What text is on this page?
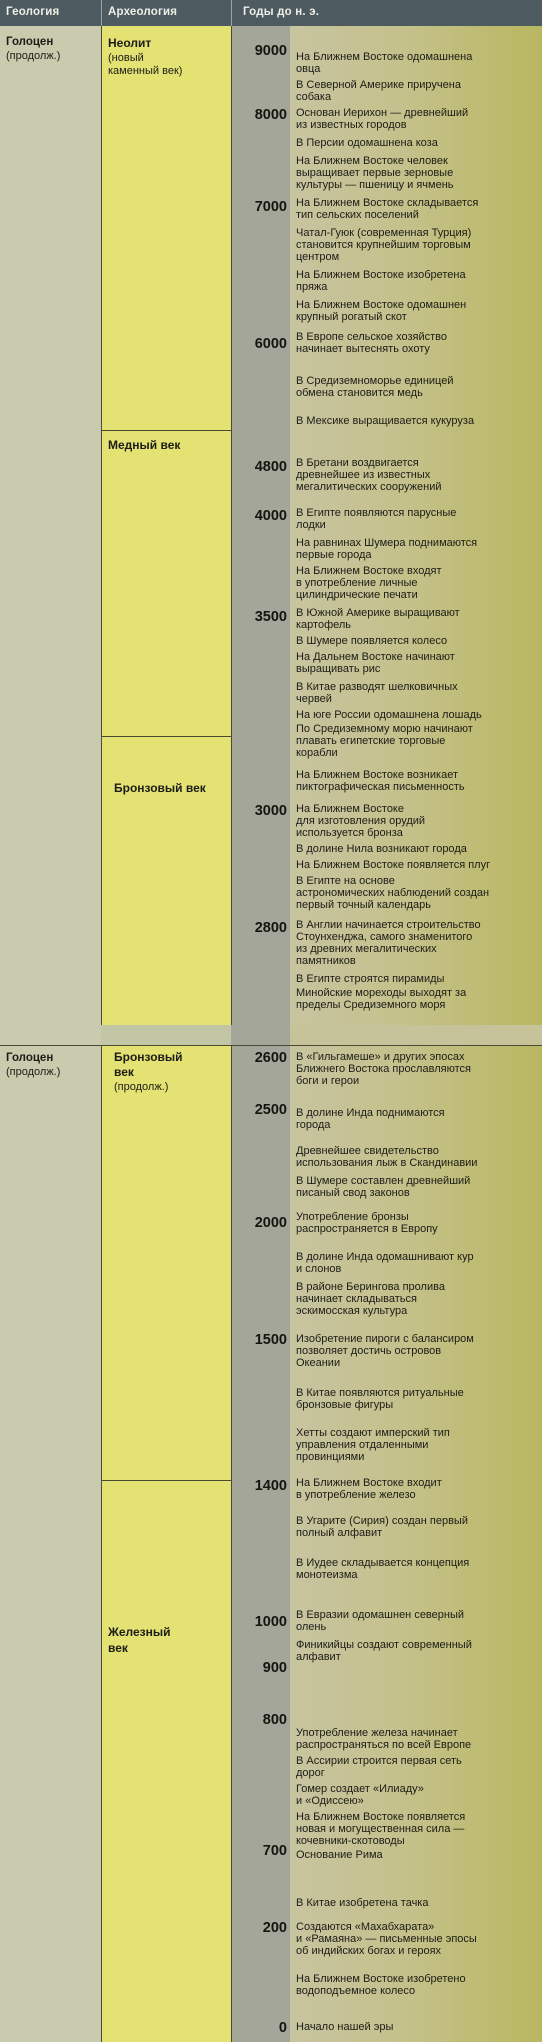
Геология	Археология	Годы до н. э.
Голоцен
(продолж.)
Голоцен
(продолж.)
Неолит
(новый
каменный век)
Медный век
Бронзовый век
Бронзовый
век
(продолж.)
Железный
век
9000
8000
7000
6000
4800
4000
3500
3000
2800
2600
2500
2000
1500
1400
1000
900
800
700
200
0
На Ближнем Востоке одомашнена
овца
В Северной Америке приручена
собака
Основан Иерихон — древнейший
из известных городов
В Персии одомашнена коза
На Ближнем Востоке человек
выращивает первые зерновые
культуры — пшеницу и ячмень
На Ближнем Востоке складывается
тип сельских поселений
Чатал-Гуюк (современная Турция)
становится крупнейшим торговым
центром
На Ближнем Востоке изобретена
пряжа
На Ближнем Востоке одомашнен
крупный рогатый скот
В Европе сельское хозяйство
начинает вытеснять охоту
В Средиземноморье единицей
обмена становится медь
В Мексике выращивается кукуруза
В Бретани воздвигается
древнейшее из известных
мегалитических сооружений
В Египте появляются парусные
лодки
На равнинах Шумера поднимаются
первые города
На Ближнем Востоке входят
в употребление личные
цилиндрические печати
В Южной Америке выращивают
картофель
В Шумере появляется колесо
На Дальнем Востоке начинают
выращивать рис
В Китае разводят шелковичных
червей
На юге России одомашнена лошадь
По Средиземному морю начинают
плавать египетские торговые
корабли
На Ближнем Востоке возникает
пиктографическая письменность
На Ближнем Востоке
для изготовления орудий
используется бронза
В долине Нила возникают города
На Ближнем Востоке появляется плуг
В Египте на основе
астрономических наблюдений создан
первый точный календарь
В Англии начинается строительство
Стоунхенджа, самого знаменитого
из древних мегалитических
памятников
В Египте строятся пирамиды
Минойские мореходы выходят за
пределы Средиземного моря
В «Гильгамеше» и других эпосах
Ближнего Востока прославляются
боги и герои
В долине Инда поднимаются
города
Древнейшее свидетельство
использования лыж в Скандинавии
В Шумере составлен древнейший
писаный свод законов
Употребление бронзы
распространяется в Европу
В долине Инда одомашнивают кур
и слонов
В районе Берингова пролива
начинает складываться
эскимосская культура
Изобретение пироги с балансиром
позволяет достичь островов
Океании
В Китае появляются ритуальные
бронзовые фигуры
Хетты создают имперский тип
управления отдаленными
провинциями
На Ближнем Востоке входит
в употребление железо
В Угарите (Сирия) создан первый
полный алфавит
В Иудее складывается концепция
монотеизма
В Евразии одомашнен северный
олень
Финикийцы создают современный
алфавит
Употребление железа начинает
распространяться по всей Европе
В Ассирии строится первая сеть
дорог
Гомер создает «Илиаду»
и «Одиссею»
На Ближнем Востоке появляется
новая и могущественная сила —
кочевники-скотоводы
Основание Рима
В Китае изобретена тачка
Создаются «Махабхарата»
и «Рамаяна» — письменные эпосы
об индийских богах и героях
На Ближнем Востоке изобретено
водоподъемное колесо
Начало нашей эры
